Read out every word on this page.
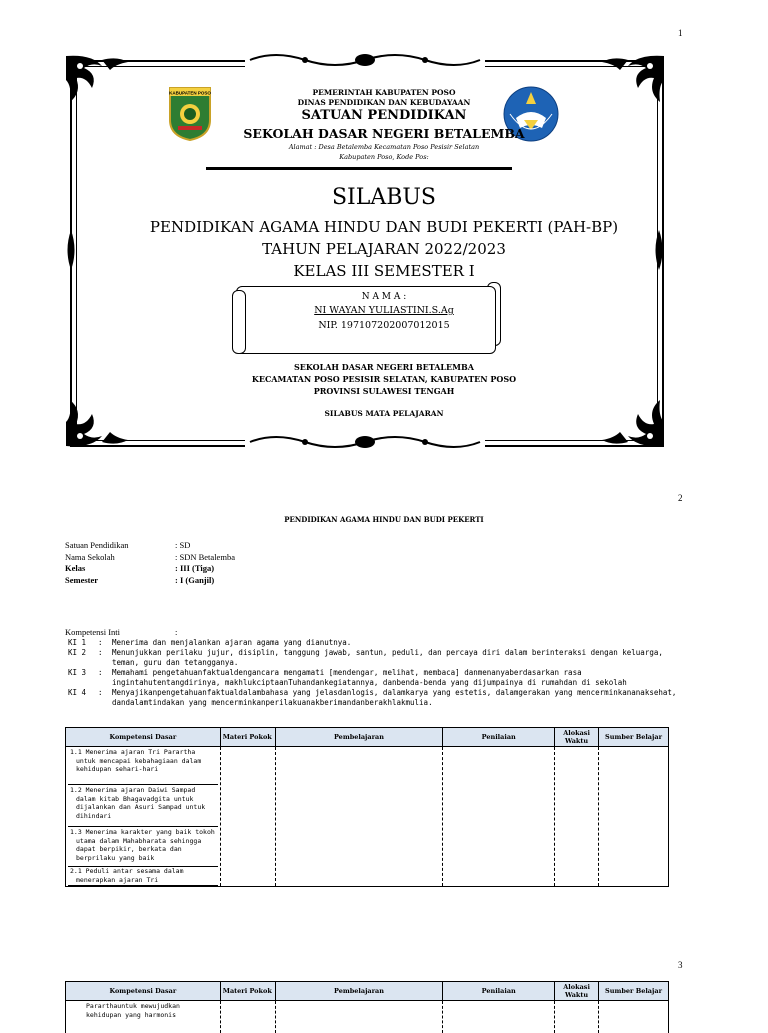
1
KABUPATEN POSO	PEMERINTAH KABUPATEN POSO
DINAS PENDIDIKAN DAN KEBUDAYAAN
SATUAN PENDIDIKAN
SEKOLAH DASAR NEGERI BETALEMBA
Alamat : Desa Betalemba Kecamatan Poso Pesisir Selatan
Kabupaten Poso, Kode Pos:
SILABUS
PENDIDIKAN AGAMA HINDU DAN BUDI PEKERTI (PAH-BP)
TAHUN PELAJARAN 2022/2023
KELAS III SEMESTER I
N A M A :
NI WAYAN YULIASTINI.S.Ag
NIP. 197107202007012015
SEKOLAH DASAR NEGERI BETALEMBA
KECAMATAN POSO PESISIR SELATAN, KABUPATEN POSO
PROVINSI SULAWESI TENGAH
SILABUS MATA PELAJARAN
2
PENDIDIKAN AGAMA HINDU DAN BUDI PEKERTI
Satuan Pendidikan	: SD
Nama Sekolah	: SDN Betalemba
Kelas	: III (Tiga)
Semester	: I (Ganjil)
Kompetensi Inti	:
KI 1	:	Menerima dan menjalankan ajaran agama yang dianutnya.
KI 2	:	Menunjukkan perilaku jujur, disiplin, tanggung jawab, santun, peduli, dan percaya diri dalam berinteraksi dengan keluarga, teman, guru dan tetangganya.
KI 3	:	Memahami pengetahuanfaktualdengancara mengamati [mendengar, melihat, membaca] danmenanyaberdasarkan rasa ingintahutentangdirinya, makhlukciptaanTuhandankegiatannya, danbenda-benda yang dijumpainya di rumahdan di sekolah
KI 4	:	Menyajikanpengetahuanfaktualdalambahasa yang jelasdanlogis, dalamkarya yang estetis, dalamgerakan yang mencerminkananaksehat, dandalamtindakan yang mencerminkanperilakuanakberimandanberakhlakmulia.
Kompetensi Dasar	Materi Pokok	Pembelajaran	Penilaian	Alokasi Waktu	Sumber Belajar

1.1 Menerima ajaran Tri Parartha untuk mencapai kebahagiaan dalam kehidupan sehari-hari
1.2 Menerima ajaran Daiwi Sampad dalam kitab Bhagavadgita untuk dijalankan dan Asuri Sampad untuk dihindari
1.3 Menerima karakter yang baik tokoh utama dalam Mahabharata sehingga dapat berpikir, berkata dan berprilaku yang baik
2.1 Peduli antar sesama dalam menerapkan ajaran Tri					

3
Kompetensi Dasar	Materi Pokok	Pembelajaran	Penilaian	Alokasi Waktu	Sumber Belajar
Pararthauntuk mewujudkan kehidupan yang harmonis					
